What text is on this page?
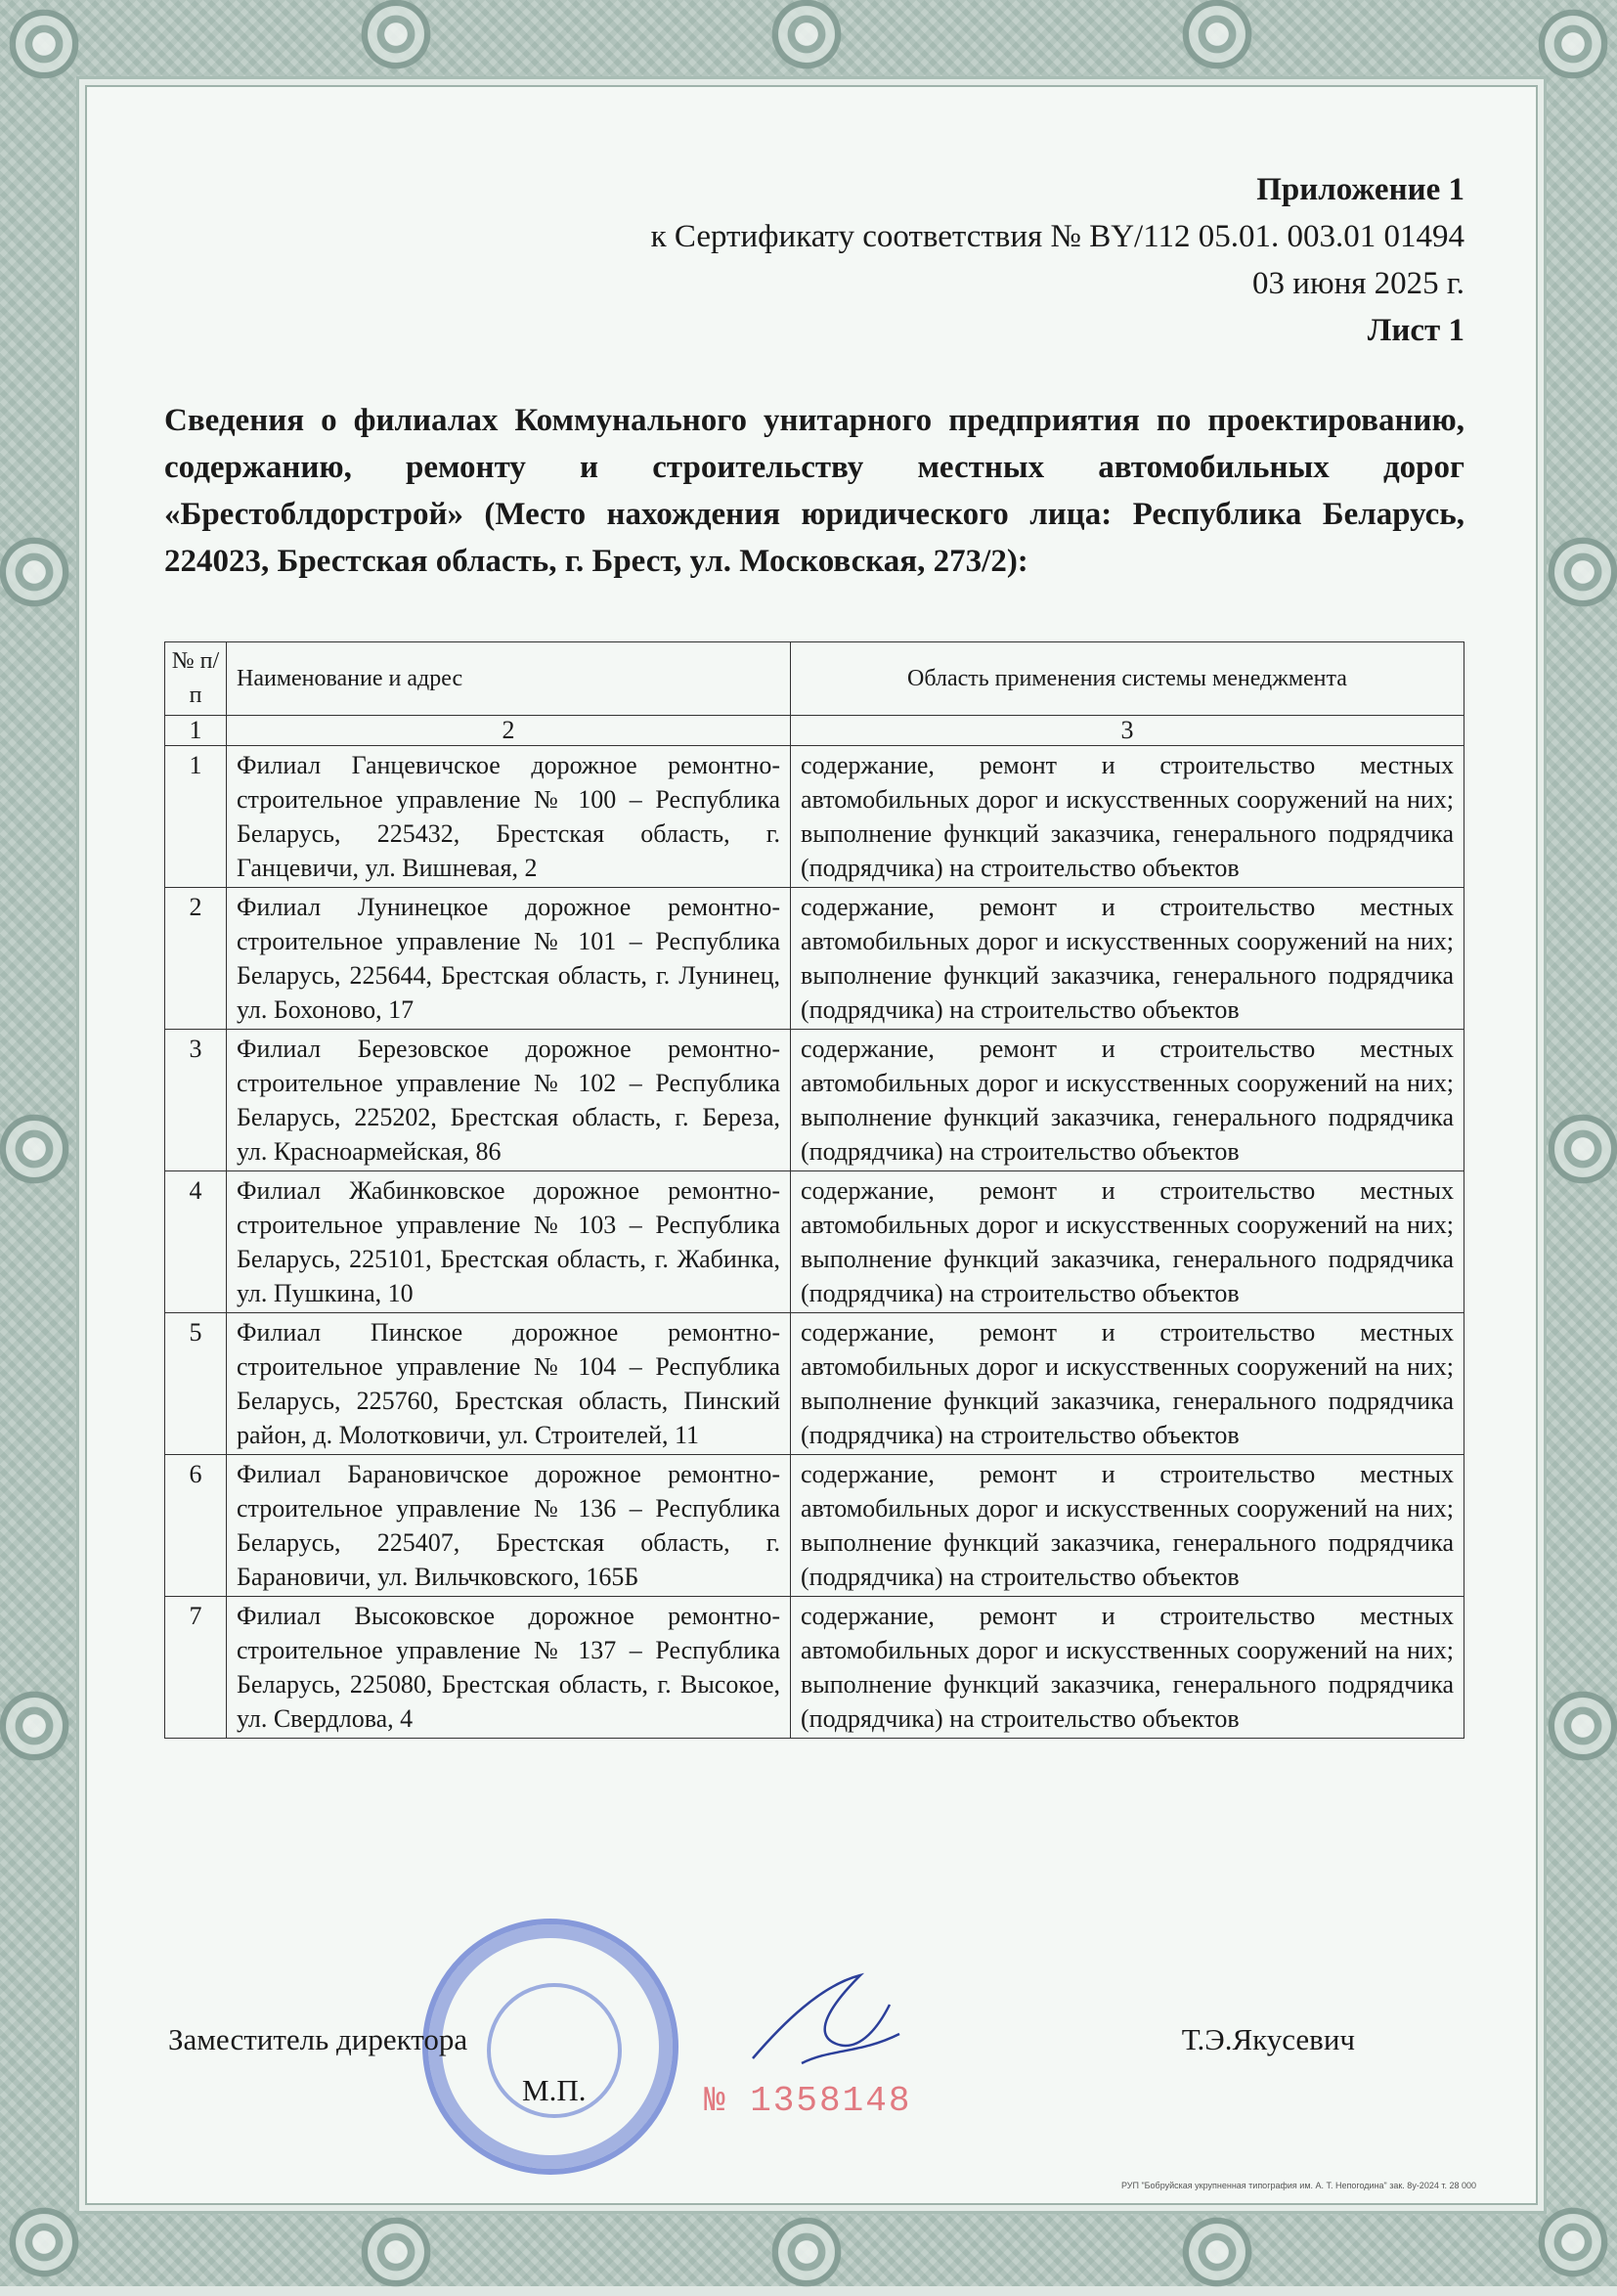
Приложение 1
к Сертификату соответствия № BY/112 05.01. 003.01 01494
03 июня 2025 г.
Лист 1
Сведения о филиалах Коммунального унитарного предприятия по проектированию, содержанию, ремонту и строительству местных автомобильных дорог «Брестоблдорстрой» (Место нахождения юридического лица: Республика Беларусь, 224023, Брестская область, г. Брест, ул. Московская, 273/2):
№ п/п	Наименование и адрес	Область применения системы менеджмента
1	2	3
1	Филиал Ганцевичское дорожное ремонтно-строительное управление № 100 – Республика Беларусь, 225432, Брестская область, г. Ганцевичи, ул. Вишневая, 2	содержание, ремонт и строительство местных автомобильных дорог и искусственных сооружений на них; выполнение функций заказчика, генерального подрядчика (подрядчика) на строительство объектов
2	Филиал Лунинецкое дорожное ремонтно-строительное управление № 101 – Республика Беларусь, 225644, Брестская область, г. Лунинец, ул. Бохоново, 17	содержание, ремонт и строительство местных автомобильных дорог и искусственных сооружений на них; выполнение функций заказчика, генерального подрядчика (подрядчика) на строительство объектов
3	Филиал Березовское дорожное ремонтно-строительное управление № 102 – Республика Беларусь, 225202, Брестская область, г. Береза, ул. Красноармейская, 86	содержание, ремонт и строительство местных автомобильных дорог и искусственных сооружений на них; выполнение функций заказчика, генерального подрядчика (подрядчика) на строительство объектов
4	Филиал Жабинковское дорожное ремонтно-строительное управление № 103 – Республика Беларусь, 225101, Брестская область, г. Жабинка, ул. Пушкина, 10	содержание, ремонт и строительство местных автомобильных дорог и искусственных сооружений на них; выполнение функций заказчика, генерального подрядчика (подрядчика) на строительство объектов
5	Филиал Пинское дорожное ремонтно-строительное управление № 104 – Республика Беларусь, 225760, Брестская область, Пинский район, д. Молотковичи, ул. Строителей, 11	содержание, ремонт и строительство местных автомобильных дорог и искусственных сооружений на них; выполнение функций заказчика, генерального подрядчика (подрядчика) на строительство объектов
6	Филиал Барановичское дорожное ремонтно-строительное управление № 136 – Республика Беларусь, 225407, Брестская область, г. Барановичи, ул. Вильчковского, 165Б	содержание, ремонт и строительство местных автомобильных дорог и искусственных сооружений на них; выполнение функций заказчика, генерального подрядчика (подрядчика) на строительство объектов
7	Филиал Высоковское дорожное ремонтно-строительное управление № 137 – Республика Беларусь, 225080, Брестская область, г. Высокое, ул. Свердлова, 4	содержание, ремонт и строительство местных автомобильных дорог и искусственных сооружений на них; выполнение функций заказчика, генерального подрядчика (подрядчика) на строительство объектов
Заместитель директора
М.П.
Т.Э.Якусевич
№ 1358148
РУП "Бобруйская укрупненная типография им. А. Т. Непогодина" зак. 8у-2024 т. 28 000
